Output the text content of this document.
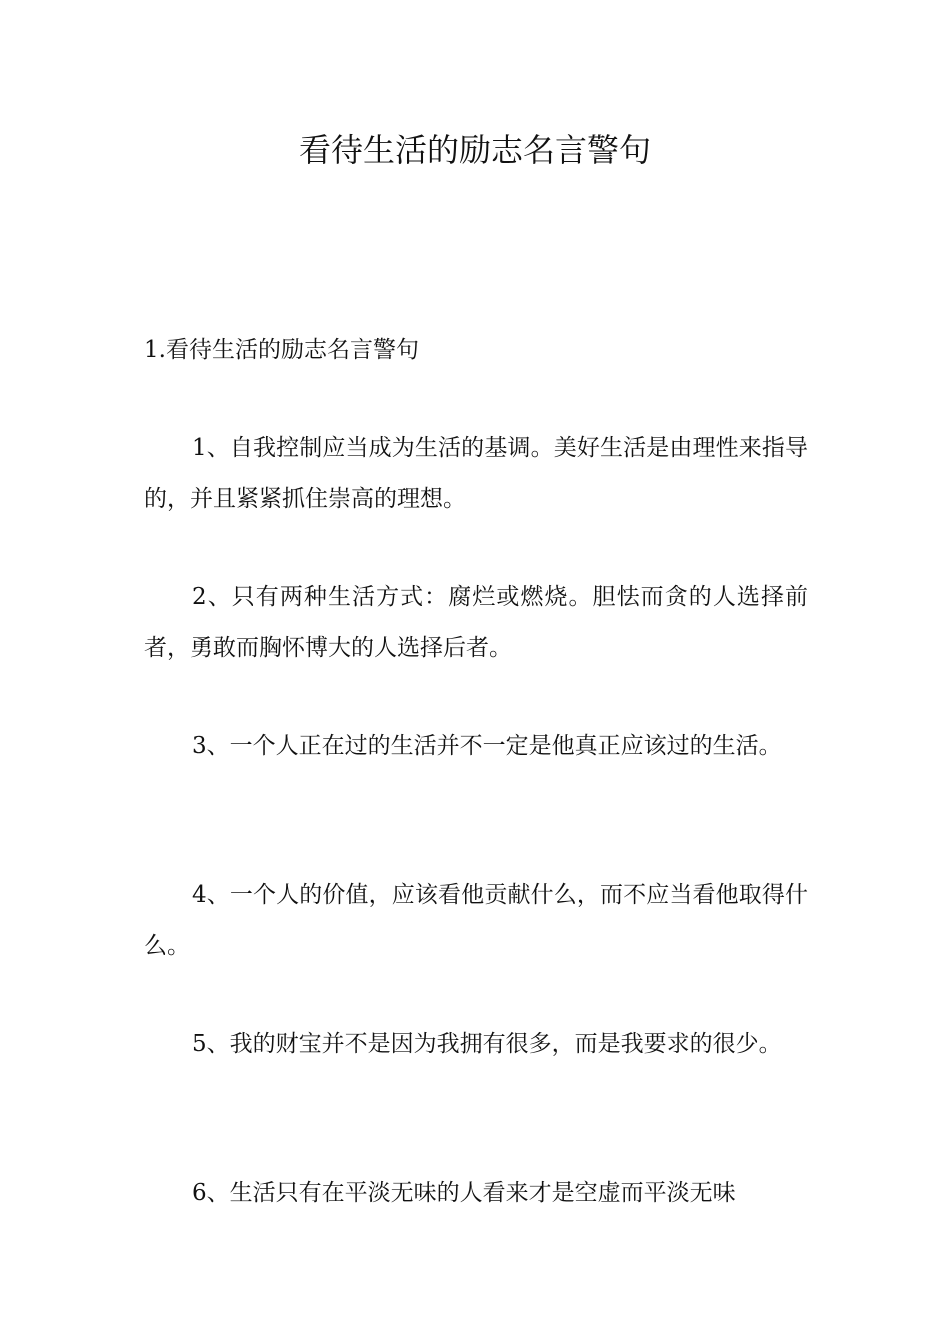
看待生活的励志名言警句

1.看待生活的励志名言警句

1、自我控制应当成为生活的基调。美好生活是由理性来指导的，并且紧紧抓住崇高的理想。

2、只有两种生活方式：腐烂或燃烧。胆怯而贪的人选择前者，勇敢而胸怀博大的人选择后者。

3、一个人正在过的生活并不一定是他真正应该过的生活。

4、一个人的价值，应该看他贡献什么，而不应当看他取得什么。

5、我的财宝并不是因为我拥有很多，而是我要求的很少。

6、生活只有在平淡无味的人看来才是空虚而平淡无味
